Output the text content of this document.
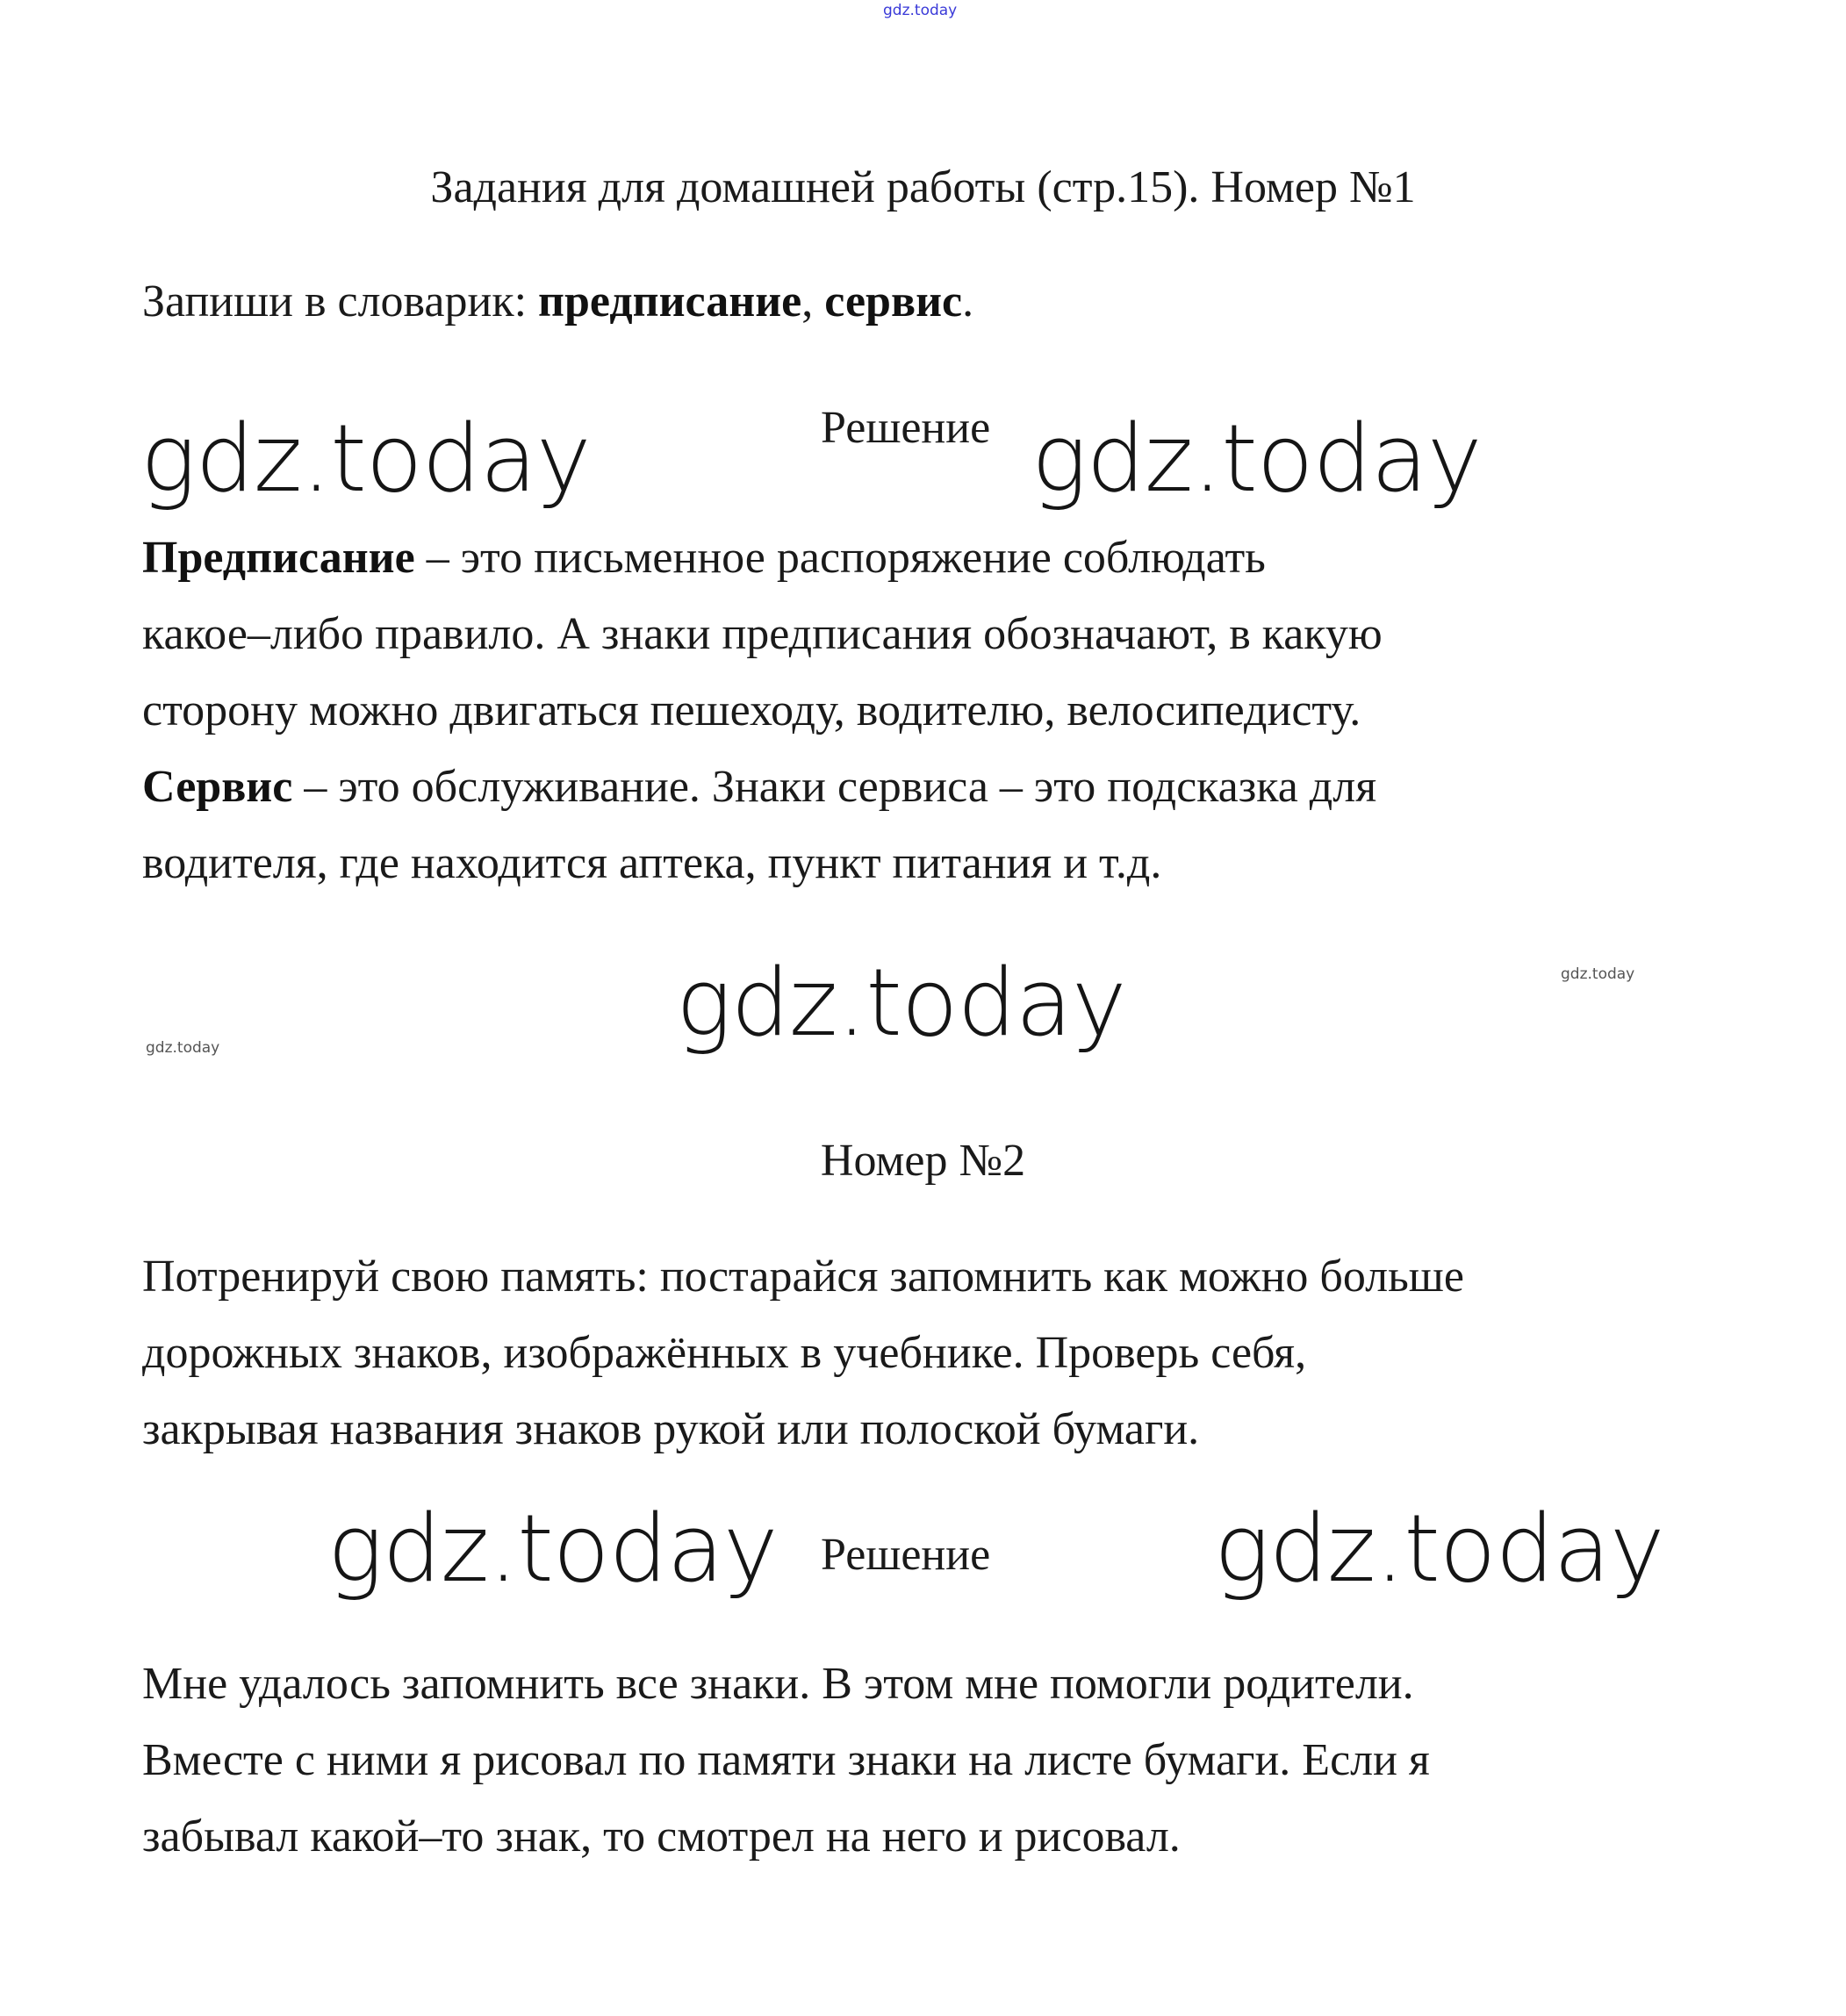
gdz.today
Задания для домашней работы (стр.15). Номер №1
Запиши в словарик: предписание, сервис.
gdz.today	Решение gdz.today
Предписание – это письменное распоряжение соблюдать
какое–либо правило. А знаки предписания обозначают, в какую
сторону можно двигаться пешеходу, водителю, велосипедисту.
Сервис – это обслуживание. Знаки сервиса – это подсказка для
водителя, где находится аптека, пункт питания и т.д.
gdz.today
gdz.today
gdz.today
Номер №2
Потренируй свою память: постарайся запомнить как можно больше
дорожных знаков, изображённых в учебнике. Проверь себя,
закрывая названия знаков рукой или полоской бумаги.
gdz.today Решение gdz.today
Мне удалось запомнить все знаки. В этом мне помогли родители.
Вместе с ними я рисовал по памяти знаки на листе бумаги. Если я
забывал какой–то знак, то смотрел на него и рисовал.
